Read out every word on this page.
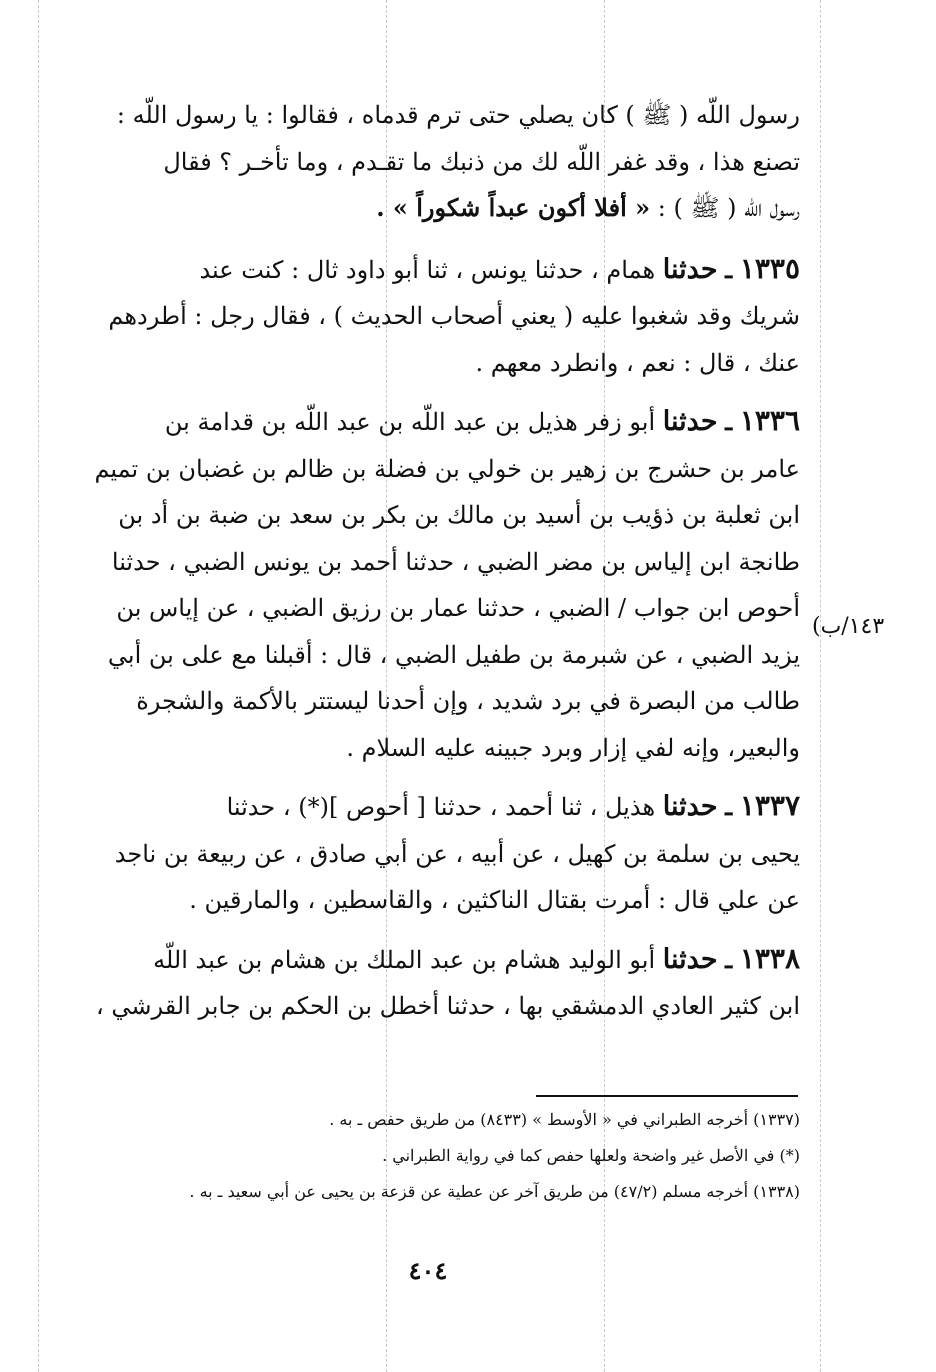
١٤٣/ب)
رسول اللّه ( ﷺ ) كان يصلي حتى ترم قدماه ، فقالوا : يا رسول اللّه :
تصنع هذا ، وقد غفر اللّه لك من ذنبك ما تقـدم ، وما تأخـر ؟ فقال
رسول اللّه ( ﷺ ) : « أفلا أكون عبداً شكوراً » .
١٣٣٥ ـ حدثنا همام ، حدثنا يونس ، ثنا أبو داود ثال : كنت عند
شريك وقد شغبوا عليه ( يعني أصحاب الحديث ) ، فقال رجل : أطردهم
عنك ، قال : نعم ، وانطرد معهم .
١٣٣٦ ـ حدثنا أبو زفر هذيل بن عبد اللّه بن عبد اللّه بن قدامة بن
عامر بن حشرج بن زهير بن خولي بن فضلة بن ظالم بن غضبان بن تميم
ابن ثعلبة بن ذؤيب بن أسيد بن مالك بن بكر بن سعد بن ضبة بن أد بن
طانجة ابن إلياس بن مضر الضبي ، حدثنا أحمد بن يونس الضبي ، حدثنا
أحوص ابن جواب / الضبي ، حدثنا عمار بن رزيق الضبي ، عن إياس بن
يزيد الضبي ، عن شبرمة بن طفيل الضبي ، قال : أقبلنا مع على بن أبي
طالب من البصرة في برد شديد ، وإن أحدنا ليستتر بالأكمة والشجرة
والبعير، وإنه لفي إزار وبرد جبينه عليه السلام .
١٣٣٧ ـ حدثنا هذيل ، ثنا أحمد ، حدثنا [ أحوص ](*) ، حدثنا
يحيى بن سلمة بن كهيل ، عن أبيه ، عن أبي صادق ، عن ربيعة بن ناجد
عن علي قال : أمرت بقتال الناكثين ، والقاسطين ، والمارقين .
١٣٣٨ ـ حدثنا أبو الوليد هشام بن عبد الملك بن هشام بن عبد اللّه
ابن كثير العادي الدمشقي بها ، حدثنا أخطل بن الحكم بن جابر القرشي ،
(١٣٣٧) أخرجه الطبراني في « الأوسط » (٨٤٣٣) من طريق حفص ـ به .
(*) في الأصل غير واضحة ولعلها حفص كما في رواية الطبراني .
(١٣٣٨) أخرجه مسلم (٤٧/٢) من طريق آخر عن عطية عن قزعة بن يحيى عن أبي سعيد ـ به .
٤٠٤
